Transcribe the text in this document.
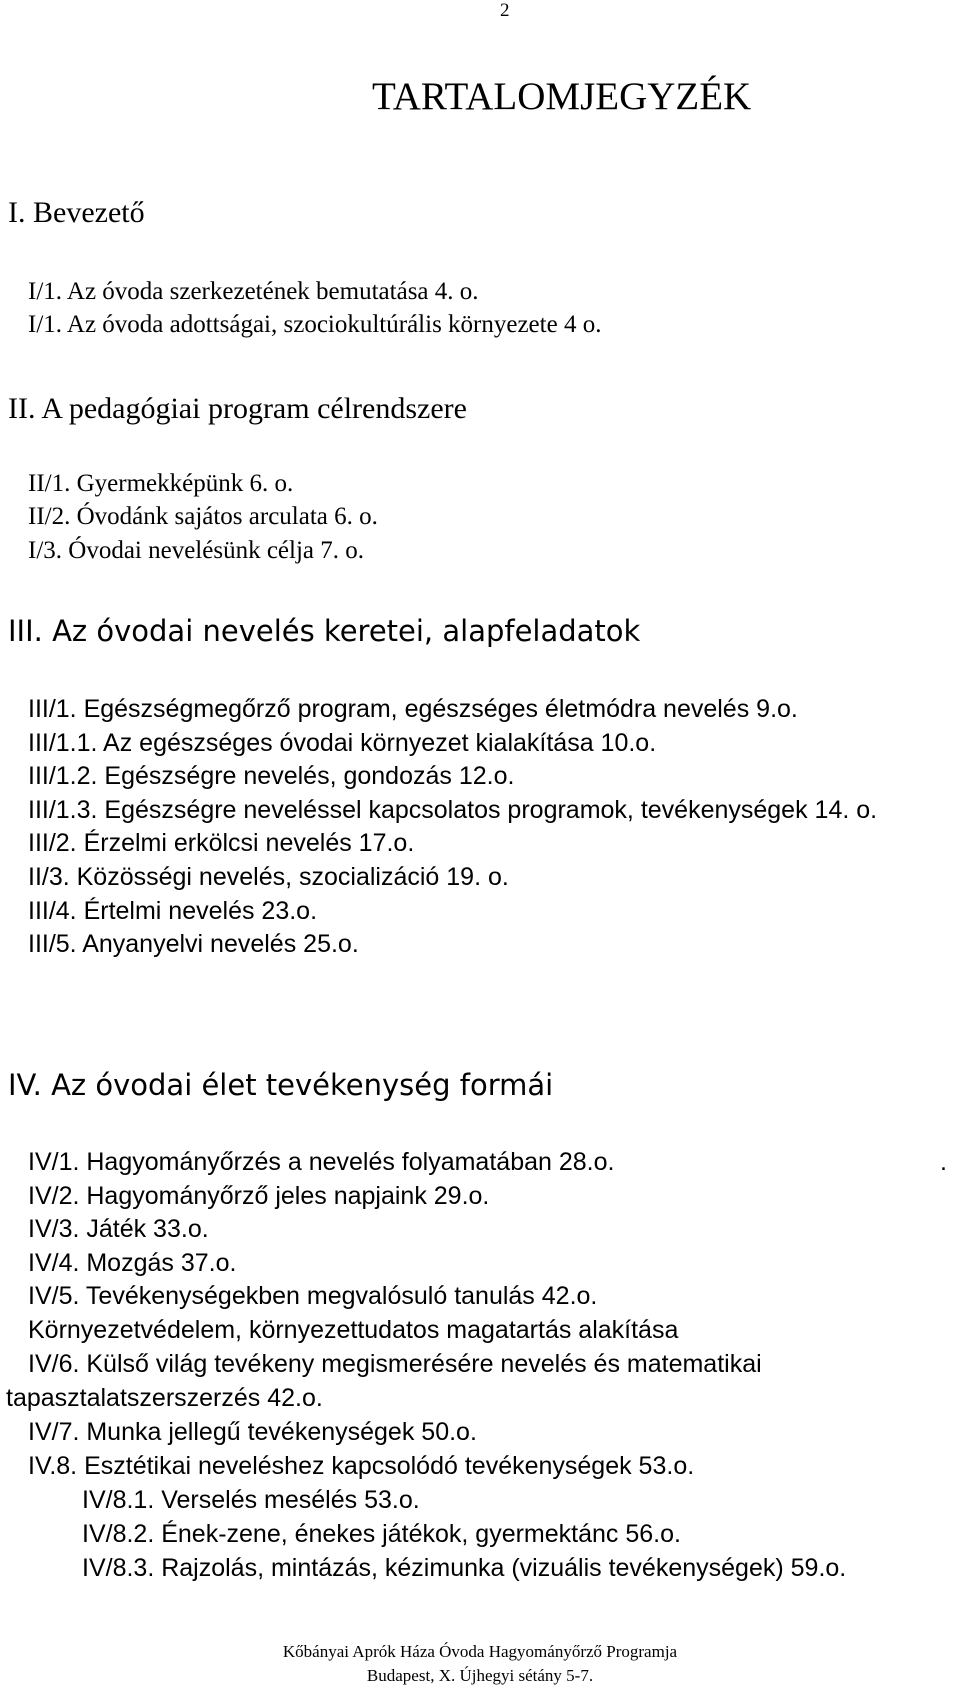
2
TARTALOMJEGYZÉK
I. Bevezető
I/1. Az óvoda szerkezetének bemutatása 4. o.
I/1. Az óvoda adottságai, szociokultúrális környezete 4 o.
II. A pedagógiai program célrendszere
II/1. Gyermekképünk 6. o.
II/2. Óvodánk sajátos arculata 6. o.
I/3. Óvodai nevelésünk célja 7. o.
III. Az óvodai nevelés keretei, alapfeladatok
III/1. Egészségmegőrző program, egészséges életmódra nevelés 9.o.
III/1.1. Az egészséges óvodai környezet kialakítása 10.o.
III/1.2. Egészségre nevelés, gondozás 12.o.
III/1.3. Egészségre neveléssel kapcsolatos programok, tevékenységek 14. o.
III/2. Érzelmi erkölcsi nevelés 17.o.
II/3. Közösségi nevelés, szocializáció 19. o.
III/4. Értelmi nevelés 23.o.
III/5. Anyanyelvi nevelés 25.o.
IV. Az óvodai élet tevékenység formái
IV/1. Hagyományőrzés a nevelés folyamatában 28.o.	.
IV/2. Hagyományőrző jeles napjaink 29.o.
IV/3. Játék 33.o.
IV/4. Mozgás 37.o.
IV/5. Tevékenységekben megvalósuló tanulás 42.o.
Környezetvédelem, környezettudatos magatartás alakítása
IV/6. Külső világ tevékeny megismerésére nevelés és matematikai
tapasztalatszerszerzés 42.o.
IV/7. Munka jellegű tevékenységek 50.o.
IV.8. Esztétikai neveléshez kapcsolódó tevékenységek 53.o.
IV/8.1. Verselés mesélés 53.o.
IV/8.2. Ének-zene, énekes játékok, gyermektánc 56.o.
IV/8.3. Rajzolás, mintázás, kézimunka (vizuális tevékenységek) 59.o.
Kőbányai Aprók Háza Óvoda Hagyományőrző Programja
Budapest, X. Újhegyi sétány 5-7.
